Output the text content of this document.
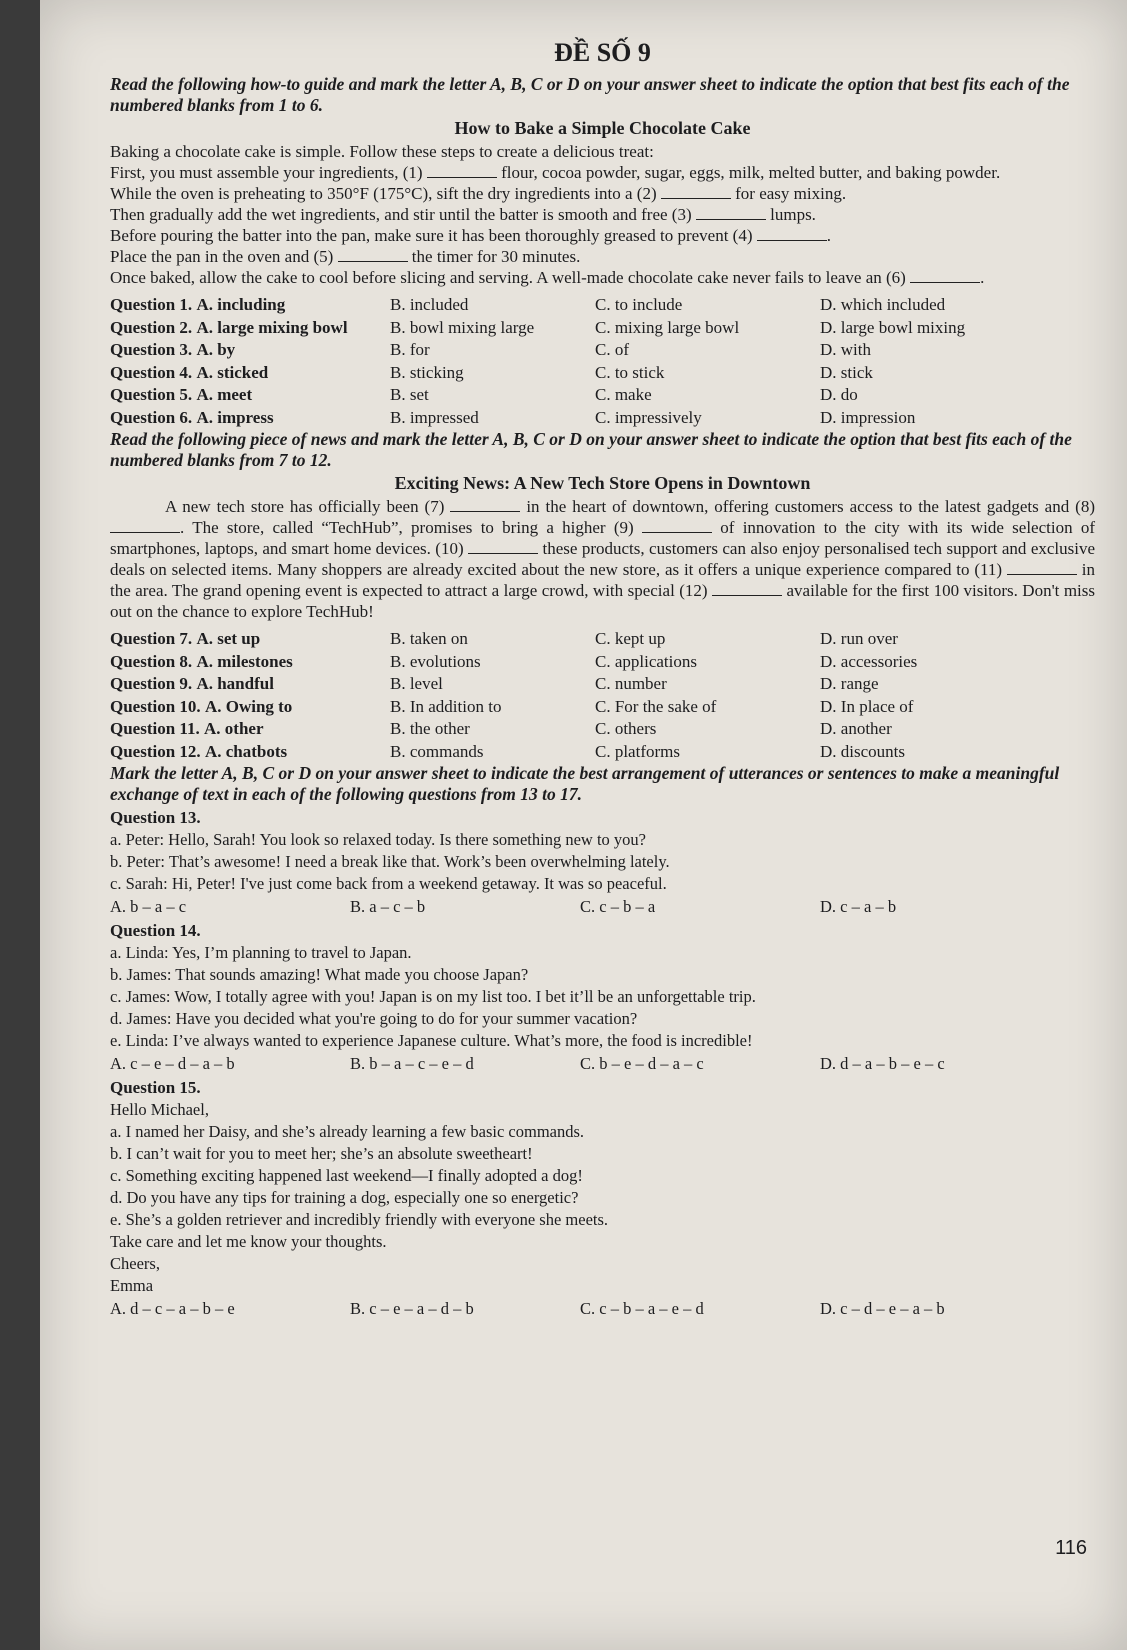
ĐỀ SỐ 9

Read the following how-to guide and mark the letter A, B, C or D on your answer sheet to indicate the option that best fits each of the numbered blanks from 1 to 6.

How to Bake a Simple Chocolate Cake

Baking a chocolate cake is simple. Follow these steps to create a delicious treat:

First, you must assemble your ingredients, (1)	flour, cocoa powder, sugar, eggs, milk, melted butter, and baking powder.

While the oven is preheating to 350°F (175°C), sift the dry ingredients into a (2)	for easy mixing.

Then gradually add the wet ingredients, and stir until the batter is smooth and free (3)	lumps.

Before pouring the batter into the pan, make sure it has been thoroughly greased to prevent (4)	.

Place the pan in the oven and (5)	the timer for 30 minutes.

Once baked, allow the cake to cool before slicing and serving. A well-made chocolate cake never fails to leave an (6)	.

Question 1. A. including	B. included	C. to include	D. which included
Question 2. A. large mixing bowl	B. bowl mixing large	C. mixing large bowl	D. large bowl mixing
Question 3. A. by	B. for	C. of	D. with
Question 4. A. sticked	B. sticking	C. to stick	D. stick
Question 5. A. meet	B. set	C. make	D. do
Question 6. A. impress	B. impressed	C. impressively	D. impression

Read the following piece of news and mark the letter A, B, C or D on your answer sheet to indicate the option that best fits each of the numbered blanks from 7 to 12.

Exciting News: A New Tech Store Opens in Downtown

A new tech store has officially been (7)	in the heart of downtown, offering customers access to the latest gadgets and (8) . The store, called “TechHub”, promises to bring a higher (9)	of innovation to the city with its wide selection of smartphones, laptops, and smart home devices. (10)	these products, customers can also enjoy personalised tech support and exclusive deals on selected items. Many shoppers are already excited about the new store, as it offers a unique experience compared to (11)	in the area. The grand opening event is expected to attract a large crowd, with special (12)	available for the first 100 visitors. Don't miss out on the chance to explore TechHub!

Question 7. A. set up	B. taken on	C. kept up	D. run over
Question 8. A. milestones	B. evolutions	C. applications	D. accessories
Question 9. A. handful	B. level	C. number	D. range
Question 10. A. Owing to	B. In addition to	C. For the sake of	D. In place of
Question 11. A. other	B. the other	C. others	D. another
Question 12. A. chatbots	B. commands	C. platforms	D. discounts

Mark the letter A, B, C or D on your answer sheet to indicate the best arrangement of utterances or sentences to make a meaningful exchange of text in each of the following questions from 13 to 17.

Question 13.

a. Peter: Hello, Sarah! You look so relaxed today. Is there something new to you?

b. Peter: That’s awesome! I need a break like that. Work’s been overwhelming lately.

c. Sarah: Hi, Peter! I've just come back from a weekend getaway. It was so peaceful.

A. b – a – c	B. a – c – b	C. c – b – a	D. c – a – b
Question 14.

a. Linda: Yes, I’m planning to travel to Japan.

b. James: That sounds amazing! What made you choose Japan?

c. James: Wow, I totally agree with you! Japan is on my list too. I bet it’ll be an unforgettable trip.

d. James: Have you decided what you're going to do for your summer vacation?

e. Linda: I’ve always wanted to experience Japanese culture. What’s more, the food is incredible!

A. c – e – d – a – b	B. b – a – c – e – d	C. b – e – d – a – c	D. d – a – b – e – c
Question 15.

Hello Michael,

a. I named her Daisy, and she’s already learning a few basic commands.

b. I can’t wait for you to meet her; she’s an absolute sweetheart!

c. Something exciting happened last weekend—I finally adopted a dog!

d. Do you have any tips for training a dog, especially one so energetic?

e. She’s a golden retriever and incredibly friendly with everyone she meets.

Take care and let me know your thoughts.

Cheers,

Emma

A. d – c – a – b – e	B. c – e – a – d – b	C. c – b – a – e – d	D. c – d – e – a – b
116
